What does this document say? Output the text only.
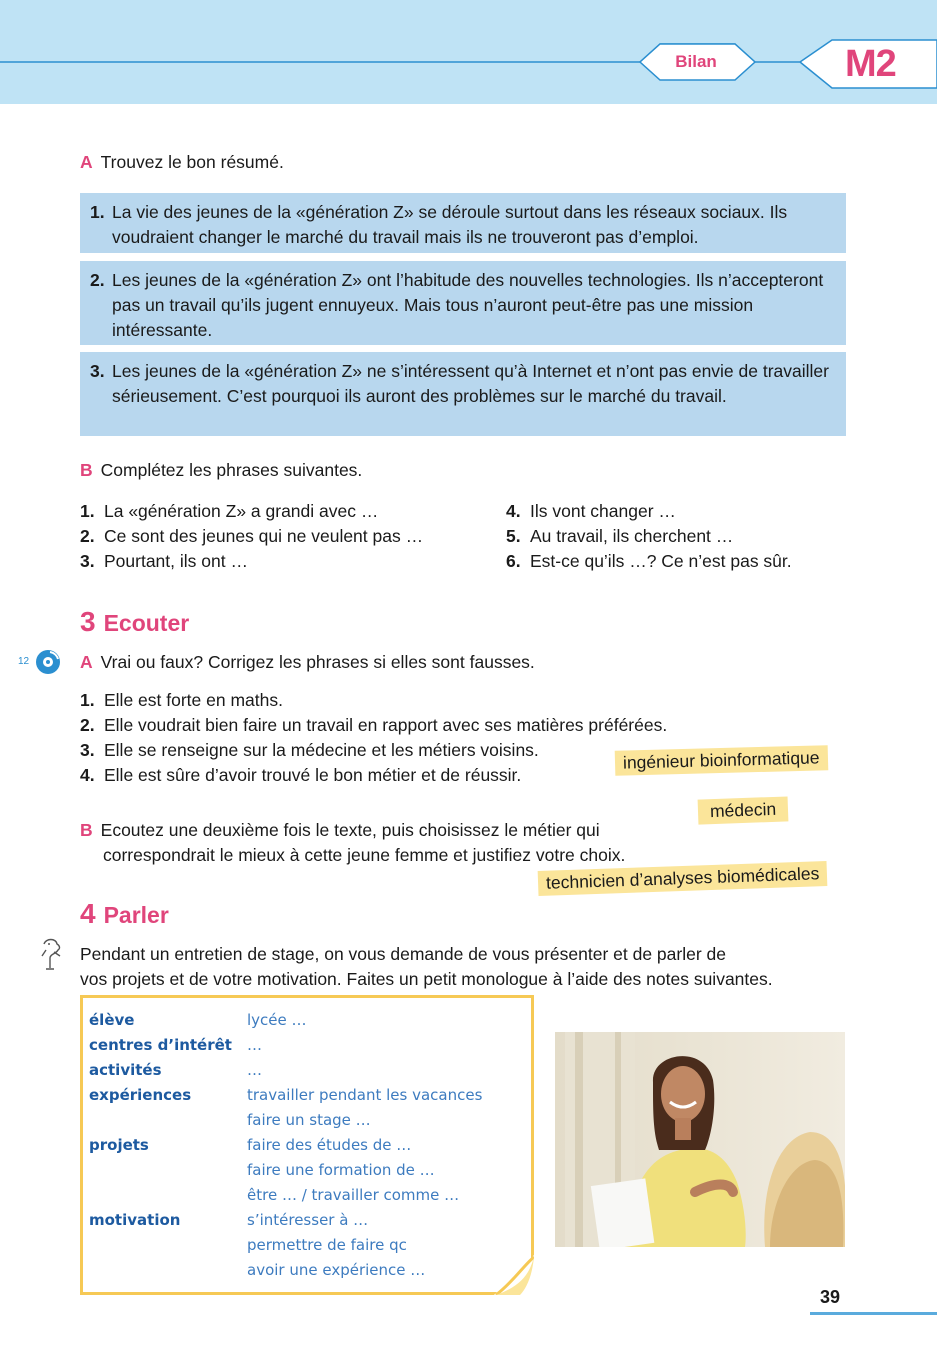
Bilan	M2
A Trouvez le bon résumé.
1. La vie des jeunes de la «génération Z» se déroule surtout dans les réseaux sociaux. Ils voudraient changer le marché du travail mais ils ne trouveront pas d’emploi.
2. Les jeunes de la «génération Z» ont l’habitude des nouvelles technologies. Ils n’accepteront pas un travail qu’ils jugent ennuyeux. Mais tous n’auront peut-être pas une mission intéressante.
3. Les jeunes de la «génération Z» ne s’intéressent qu’à Internet et n’ont pas envie de travailler sérieusement. C’est pourquoi ils auront des problèmes sur le marché du travail.
B Complétez les phrases suivantes.
1. La «génération Z» a grandi avec …
2. Ce sont des jeunes qui ne veulent pas …
3. Pourtant, ils ont …
4. Ils vont changer …
5. Au travail, ils cherchent …
6. Est-ce qu’ils …? Ce n’est pas sûr.
3 Ecouter
12	A Vrai ou faux? Corrigez les phrases si elles sont fausses.
1. Elle est forte en maths.
2. Elle voudrait bien faire un travail en rapport avec ses matières préférées.
3. Elle se renseigne sur la médecine et les métiers voisins.
4. Elle est sûre d’avoir trouvé le bon métier et de réussir.
ingénieur bioinformatique
médecin
technicien d’analyses biomédicales
B Ecoutez une deuxième fois le texte, puis choisissez le métier qui
correspondrait le mieux à cette jeune femme et justifiez votre choix.
4 Parler
Pendant un entretien de stage, on vous demande de vous présenter et de parler de
vos projets et de votre motivation. Faites un petit monologue à l’aide des notes suivantes.
élève	lycée …
centres d’intérêt …
activités	…
expériences	travailler pendant les vacances
faire un stage …
projets	faire des études de …
faire une formation de …
être … / travailler comme …
motivation	s’intéresser à …
permettre de faire qc
avoir une expérience …
39
